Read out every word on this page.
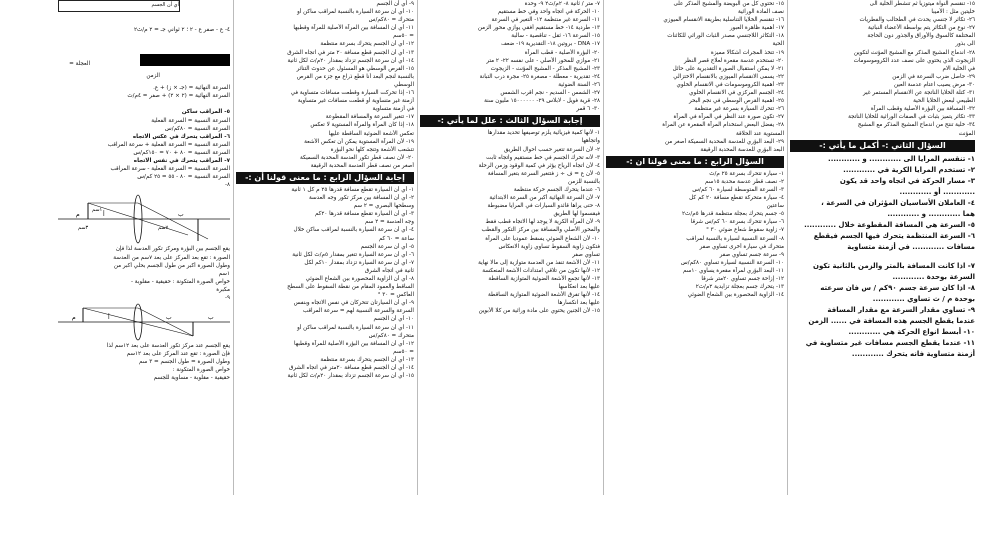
أي أن الجسم
٤- ع - صفر ع - ٢ ؛ ٢ ثواني جـ = ٢ م/ث٢
العجلة =
الزمن
السرعة النهائية = (جـ × ز) + ع.
السرعة النهائية = (٢ × ٢) + صفر = ٤م/ث
٥- المراقب ساكن
السرعة النسبية = السرعة الفعلية
السرعة النسبية = ٨٠كم/س
٦- المراقب يتحرك في عكس الاتجاه
السرعة النسبية = السرعة الفعلية + سرعة المراقب
السرعة النسبية = ٨٠ + ٧٠ = ١٥٠كم/س
٧- المراقب يتحرك في نفس الاتجاه
السرعة النسبية = السرعة الفعلية - سرعة المراقب
السرعة النسبية = ٨٠ - ٥٥ = ٢٥ كم/س
٨-
م	أ	ب
٣سم	٧سم
١سم
يقع الجسم بين البؤرة ومركز تكور العدسة لذا فإن
الصورة : تقع بعد المركز على بعد ٧سم من العدسة
وطول الصورة أكبر من طول الجسم بحلي أكبر من
١سم
خواص الصورة المتكونة : حقيقية - مقلوبة -
مكبرة
٩-
م	أ	ب	ب
يقع الجسم عند مركز تكور العدسة على بعد ١٢سم لذا
فإن الصورة : تقع عند المركز على بعد ١٢سم
وطول الصورة = طول الجسم = ٣ سم
خواص الصورة المتكونة :
حقيقية - مقلوبة - مساوية للجسم
٩- أي أن الجسم
١٠- أي أن سرعة السيارة بالنسبة لمراقب ساكن أو
متحرك = ٨٠كم/س
١١- أي أن المسافة بين المرآة الأصلية للمرآة وقطبها
= ٥٠سم
١٢- أي أن الجسم يتحرك بسرعة منتظمة
١٣- أي أن الجسم قطع مسافة ٢٠ متر في اتجاه الشرق
١٤- أي أن سرعة الجسم تزداد بمقدار ٢٠م/ث لكل ثانية
١٥- القرص الوسطي هو المسئول عن حدوث التناثر
بالنسبة لنجم البعد أنا قطع ذراع مع جزء من القرص
الوسطي
١٦- إذا تحركت السيارة وقطعت مسافات متساوية في
أزمنة غير متساوية أو قطعت مسافات غير متساوية
في أزمنة متساوية
١٧- تتغير السرعة والمسافة المقطوعة
١٨- إذا كان المرآة والمرآة المستوية لا تعكس
تعكس الأشعة الضوئية الساقطة عليها
١٩- لأن المرآة المستوية يمكن أن تعكس الأشعة
تتشعب الأشعة وتتجه كلها نحو البؤرة
٢٠- لأن نصف قطر تكور العدسة المحدبة السميكة
أصغر من نصف قطر العدسة المحدبة الرقيقة
إجابة السؤال الرابع : ما معنى قولنا أن :-
١- أي أن السيارة تقطع مسافة قدرها ٢٥ م كل ١ ثانية
٢- أي أن المسافة بين مركز تكور وجه العدسة
وسطحها البصري = ٢ سم
٣- أي أن السيارة تقطع مسافة قدرها ٢٠كم
وجه العدسة = ٢ سم
٤- أي أن سرعة السيارة بالنسبة لمراقب ساكن خلال
ساعة = ٦٠ كم
٥- أي أن سرعة الجسم
٦- أي أن سرعة السيارة تتغير بمقدار ٥م/ث لكل ثانية
٧- أي أن سرعة السيارة تزداد بمقدار ١٠كم لكل
ثانية في اتجاه الشرق
٨- أي أن الزاوية المحصورة بين الشعاع الضوئي
الساقط والعمود المقام من نقطة السقوط على السطح
العاكس = ٣٠ °
٩- أي أن السيارتان تتحركان في نفس الاتجاه وبنفس
السرعة والسرعة النسبية لهم = سرعة المراقب
١٠- أي أن الجسم
١١- أي أن سرعة السيارة بالنسبة لمراقب ساكن أو
متحرك = ٨٠كم/س
١٢- أي أن المسافة بين البؤرة الأصلية للمرآة وقطبها
= ٥٠سم
١٣- أي أن الجسم يتحرك بسرعة منتظمة
١٤- أي أن الجسم قطع مسافة ٢٠متر في اتجاه الشرق
١٥- أي أن سرعة الجسم تزداد بمقدار ٢٠م/ث لكل ثانية
٧- متر / ثانية ٨- ٢م/ث٢ ٩- وحدة
١٠- الحركة في اتجاه واحد وفي خط مستقيم
١١- السرعة غير منتظمة ١٢- التغير في السرعة
١٣- طردية ١٤- خط مستقيم أفقي يوازي محور الزمن
١٥- السرعة ١٦- ثقل - تناقصية - سالبة
١٧- DNA - بروتين ١٨- التقديرية ١٩- ضعف
٢٠- البؤرة الأصلية - قطب المرآة
٢١- موازي للمحور الأصلي - على نفسه ٢٢- ٢ متر
٢٣- المشيج المذكر - المشيج المؤنث - الزيجوت
٢٤- تقديرية - معطلة - مصغرة ٢٥- مجرة درب التبانة
٢٦- السنة الضوئية
٢٧- الشمس - السديم - نجم أقرب الشمس
٢٨- قرية فويل - لابلاس ٢٩- ١٥٠٠٠٠٠٠ مليون سنة
٣٠- ٦ قمر
إجابة السؤال الثالث : علل لما يأتي :-
١- لأنها كمية فيزيائية يلزم توصيفها تحديد مقدارها
واتجاهها
٢- لأن السرعة تتغير حسب أحوال الطريق
٣- لأنه تحرك الجسم في خط مستقيم واتجاه ثابت
٤- لأن اتجاه الرياح يؤثر في كمية الوقود وزمن الرحلة
٥- لأن ع = ف ÷ ز فتتغير السرعة بتغير المسافة
بالنسبة للزمن
٦- عندما يتحرك الجسم حركة منتظمة
٧- لأن السرعة النهائية أكبر من السرعة الابتدائية
٨- حتى يراها قائدو السيارات في المرايا مضبوطة
فيقسموا لها الطريق
٩- لأن المرآة الكرية لا يوجد لها الاتجاه قطب فقط
والمحور الأصلي والمسافة بين مركز التكور والقطب
١٠- لأن الشعاع الضوئي يسقط عموديا على المرآة
فتكون زاوية السقوط تساوي زاوية الانعكاس
تساوي صفر
١١- لأن الأشعة تنفذ من العدسة متوازية إلى مالا نهاية
١٢- لأنها تكون من تلاقي امتدادات الأشعة المنعكسة
١٣- لأنها تجمع الأشعة الضوئية المتوازية الساقطة
عليها بعد انعكاسها
١٤- لأنها تفرق الأشعة الضوئية المتوازية الساقطة
عليها بعد انكسارها
١٥- لأن الجنين يحتوي على مادة وراثية من كلا الأبوين
١٥- تحتوي كل من البويضة والمشيج المذكر على
نصف المادة الوراثية
١٦- تنقسم الخلايا التناسلية بطريقة الانقسام الميوزي
١٧- أهمية ظاهرة العبور
١٨- التكاثر اللاجنسي مصدر الثبات الوراثي للكائنات
الحية
١٩- تتخذ المجرات أشكالا مميزة
٢٠- تستخدم عدسة مقعرة لعلاج قصر النظر
٢١- لا يمكن استقبال الصورة التقديرية على حائل
٢٢- يسمى الانقسام الميوزي بالانقسام الاختزالي
٢٣- أهمية الكروموسومات في الانقسام الخلوي
٢٤- الجسم المركزي في الانقسام الخلوي
٢٥- أهمية القرص الوسطي في نجم البحر
٢٦- تتحرك السيارة بسرعة غير منتظمة
٢٧- تكون صورة عند النظر في المرآة في المرآة
٢٨- يفضل البعض استخدام المرآة المقعرة عن المرآة
المستوية عند الحلاقة
٢٩- البعد البؤري للعدسة المحدبة السميكة أصغر من
البعد البؤري للعدسة المحدبة الرقيقة
السؤال الرابع : ما معنى قولنا ان :-
١- سيارة تتحرك بسرعة ٢٥ م/ث
٢- نصف قطر عدسة محدبة ١٥سم
٣- السرعة المتوسطة لسيارة ٦٠ كم/س
٤- سيارة متحركة تقطع مسافة ٢٠ كم كل
ساعتين
٥- جسم يتحرك بعجلة منتظمة قدرها ٥م/ث٢
٦- سيارة تتحرك بسرعة ٦٠ كم/س شرقا
٧- زاوية سقوط شعاع ضوئي ٣٠ °
٨- السرعة النسبية لسيارة بالنسبة لمراقب
متحرك في سيارة أخرى تساوي صفر
٩- سرعة جسم تساوي صفر
١٠- السرعة النسبية لسيارة تساوي ٨٠كم/س
١١- البعد البؤري لمرآة مقعرة يساوي ١٠سم
١٢- إزاحة جسم تساوي ٢٠متر شرقا
١٣- يتحرك جسم بعجلة تزايدية ٢م/ث٢
١٤- الزاوية المحصورة بين الشعاع الضوئي
١٥- تنقسم النواة ميتوزيا ثم تنشطر الخلية الى
خليتين مثل : الأميبا
٢٦- تكاثر لا جنسي يحدث في الطحالب والفطريات
٢٧- نوع من التكاثر يتم بواسطة الأعضاء النباتية
المختلفة كالسوق والأوراق والجذور دون الحاجة
الى بذور
٢٨- اندماج المشيج المذكر مع المشيج المؤنث لتكوين
الزيجوت الذي يحتوي على نصف عدد الكروموسومات
في الخلية الام
٢٩- حاصل ضرب السرعة في الزمن
٣٠- مرض يصيب اعتام عدسة العين
٣١- كتلة الخلايا الناتجة عن الانقسام المستمر غير
الطبيعي لبعض الخلايا الحية
٣٢- المسافة بين البؤرة الأصلية وقطب المرآة
٣٣- تكاثر يتميز بثبات في الصفات الوراثية للخلايا الناتجة
٣٤- خلية تنتج من اندماج المشيج المذكر مع المشيج
المؤنث
السؤال الثاني :- أكمل ما يأتي :-
١- تنقسم المرايا الى ............ و ............
٢- تستخدم المرايا الكرية في ............
٣- مسار الحركة في اتجاه واحد قد يكون
............ أو ............
٤- العاملان الأساسيان المؤثران في السرعة ،
هما ............ و ............
٥- السرعة هي المسافة المقطوعة خلال ............
٦- السرعة المنتظمة يتحرك فيها الجسم فيقطع
مسافات ............ في أزمنة متساوية
٧- اذا كانت المسافة بالمتر والزمن بالثانية تكون
السرعة بوحدة ............
٨- اذا كان سرعة جسم ٩٠كم / س فان سرعته
بوحدة م / ث تساوي ............
٩- تساوي مقدار السرعة مع مقدار المسافة
عندما يقطع الجسم هذه المسافة في ...... الزمن
١٠- أبسط انواع الحركة هي ............
١١- عندما يقطع الجسم مسافات غير متساوية في
أزمنة متساوية فانه يتحرك ............
